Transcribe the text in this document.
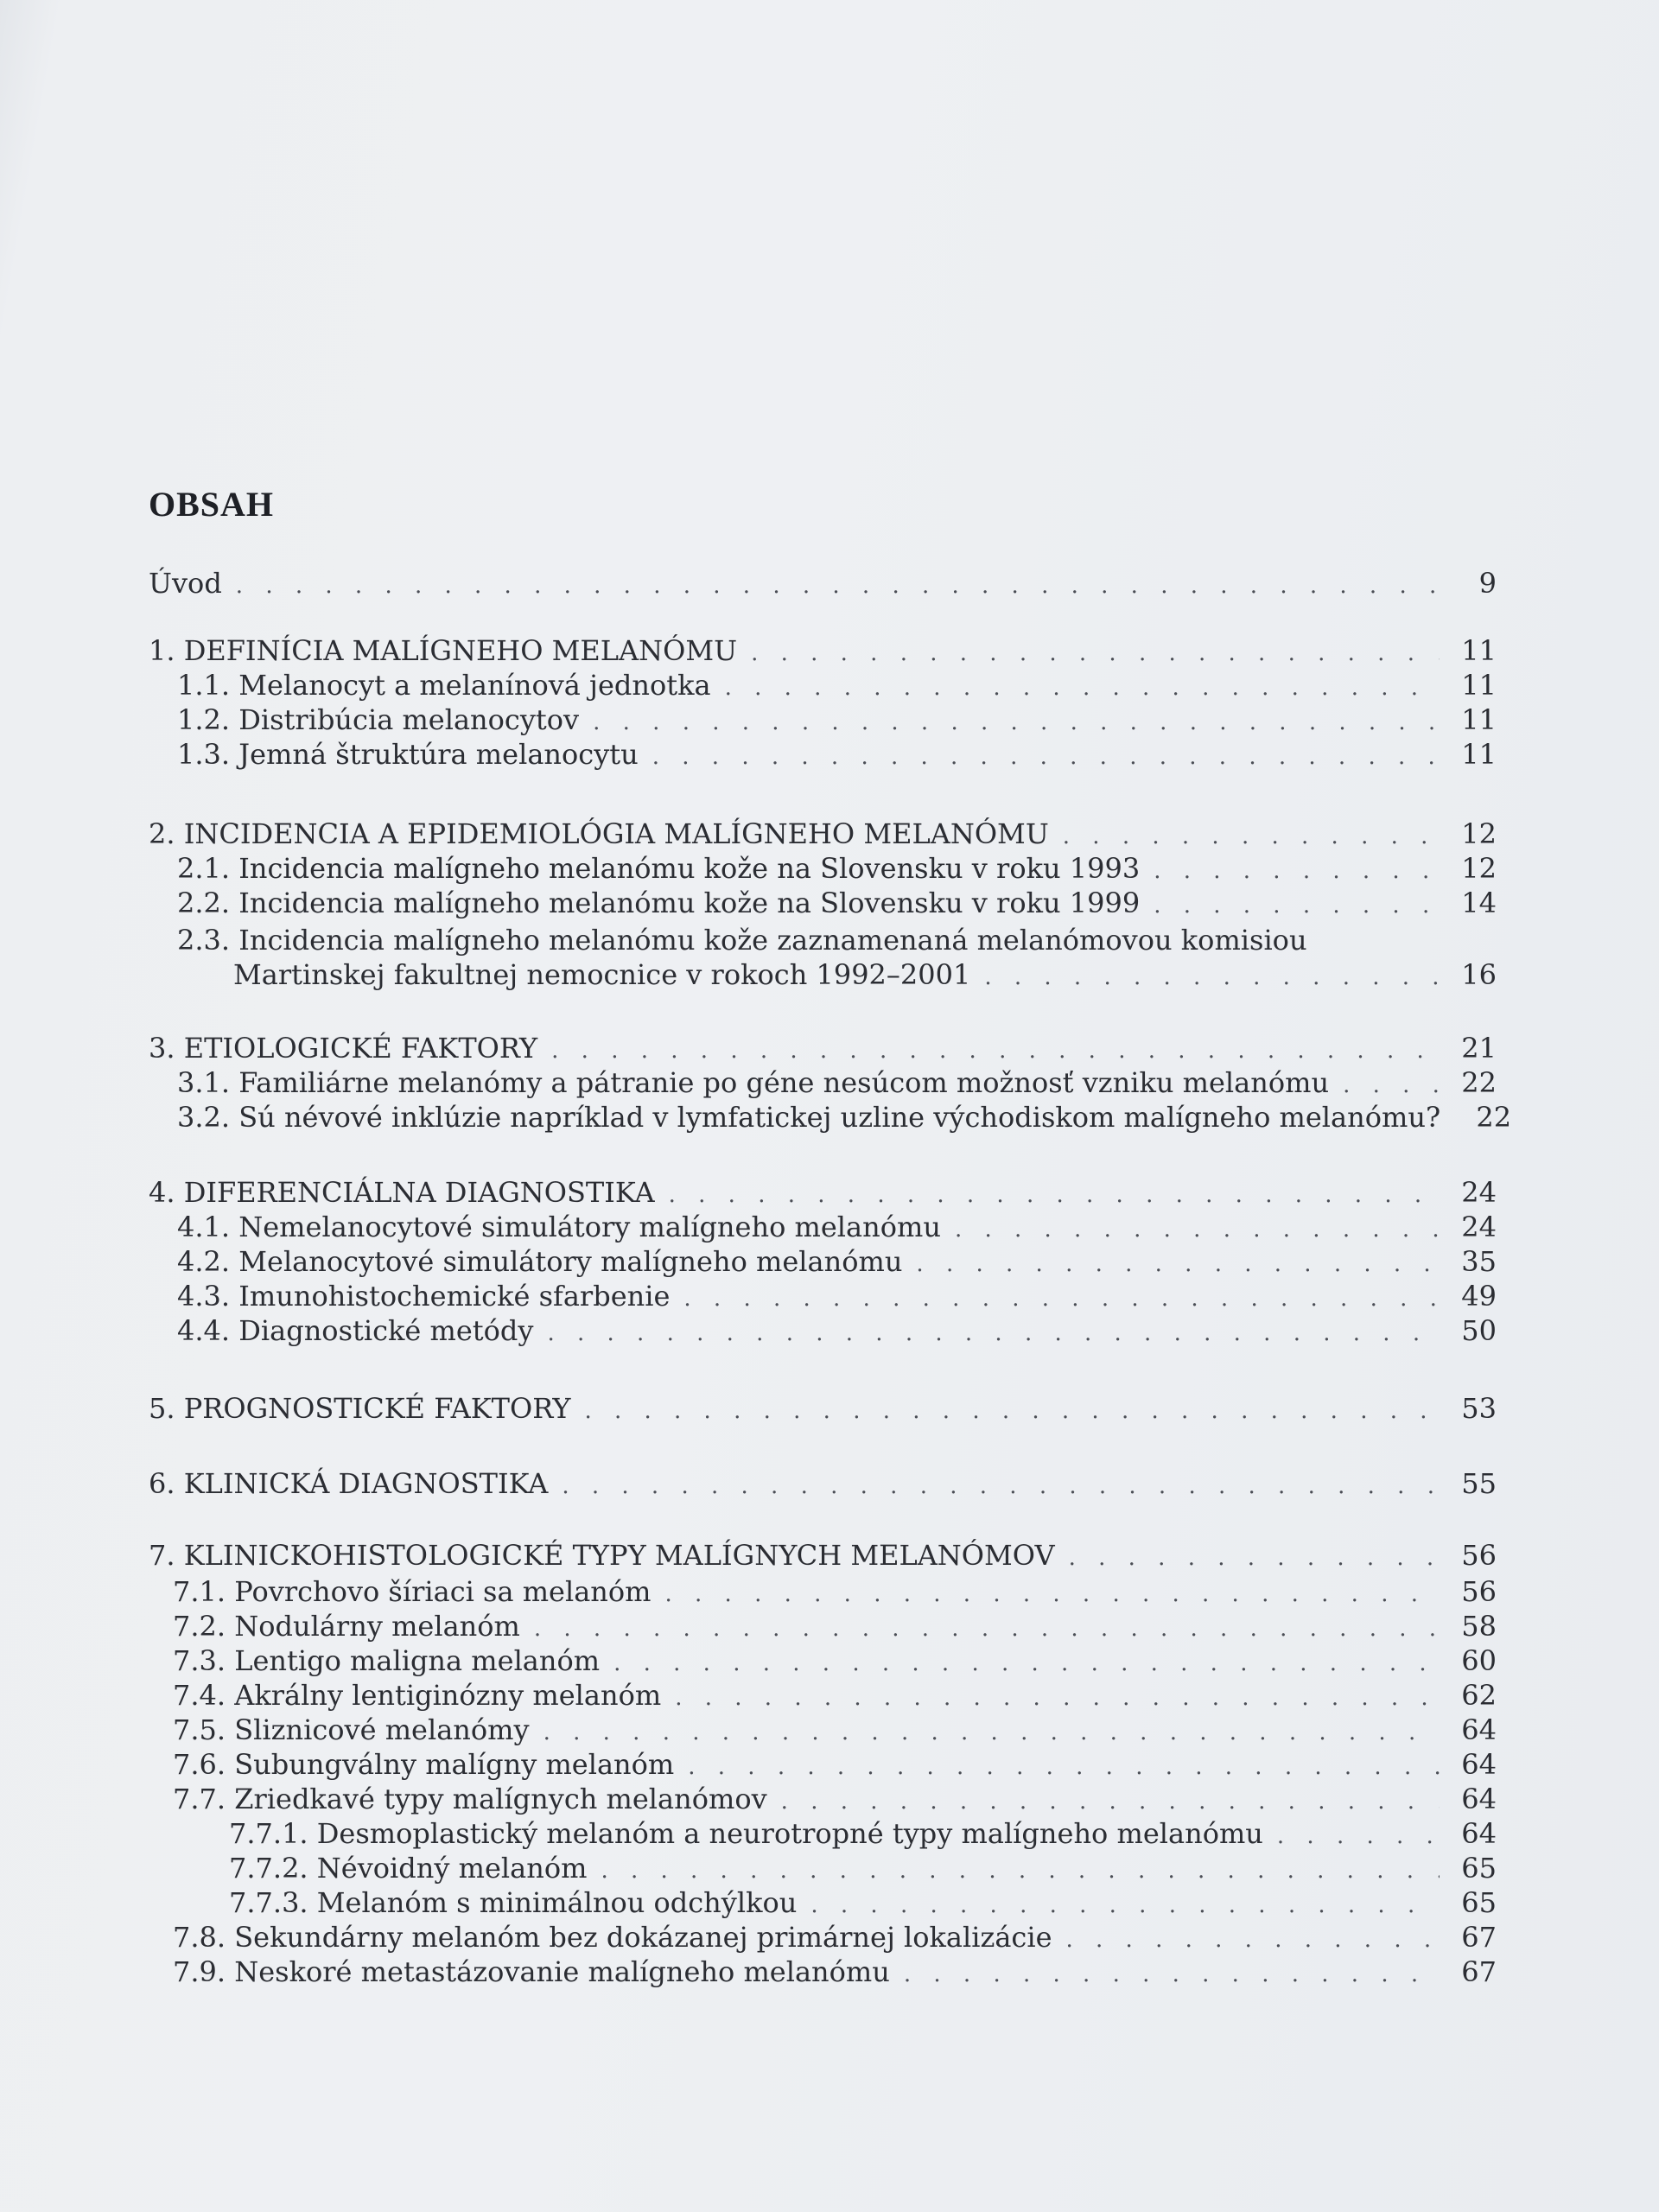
OBSAH
Úvod . . .	9
1. DEFINÍCIA MALÍGNEHO MELANÓMU . . .	11
1.1. Melanocyt a melanínová jednotka . . .	11
1.2. Distribúcia melanocytov . . .	11
1.3. Jemná štruktúra melanocytu . . .	11
2. INCIDENCIA A EPIDEMIOLÓGIA MALÍGNEHO MELANÓMU . . .	12
2.1. Incidencia malígneho melanómu kože na Slovensku v roku 1993 . . .	12
2.2. Incidencia malígneho melanómu kože na Slovensku v roku 1999 . . .	14
2.3. Incidencia malígneho melanómu kože zaznamenaná melanómovou komisiou
Martinskej fakultnej nemocnice v rokoch 1992–2001 . . .	16
3. ETIOLOGICKÉ FAKTORY . . .	21
3.1. Familiárne melanómy a pátranie po géne nesúcom možnosť vzniku melanómu . . .	22
3.2. Sú névové inklúzie napríklad v lymfatickej uzline východiskom malígneho melanómu?	22
4. DIFERENCIÁLNA DIAGNOSTIKA . . .	24
4.1. Nemelanocytové simulátory malígneho melanómu . . .	24
4.2. Melanocytové simulátory malígneho melanómu . . .	35
4.3. Imunohistochemické sfarbenie . . .	49
4.4. Diagnostické metódy . . .	50
5. PROGNOSTICKÉ FAKTORY . . .	53
6. KLINICKÁ DIAGNOSTIKA . . .	55
7. KLINICKOHISTOLOGICKÉ TYPY MALÍGNYCH MELANÓMOV . . .	56
7.1. Povrchovo šíriaci sa melanóm . . .	56
7.2. Nodulárny melanóm . . .	58
7.3. Lentigo maligna melanóm . . .	60
7.4. Akrálny lentiginózny melanóm . . .	62
7.5. Sliznicové melanómy . . .	64
7.6. Subungválny malígny melanóm . . .	64
7.7. Zriedkavé typy malígnych melanómov . . .	64
7.7.1. Desmoplastický melanóm a neurotropné typy malígneho melanómu . . .	64
7.7.2. Névoidný melanóm . . .	65
7.7.3. Melanóm s minimálnou odchýlkou . . .	65
7.8. Sekundárny melanóm bez dokázanej primárnej lokalizácie . . .	67
7.9. Neskoré metastázovanie malígneho melanómu . . .	67
